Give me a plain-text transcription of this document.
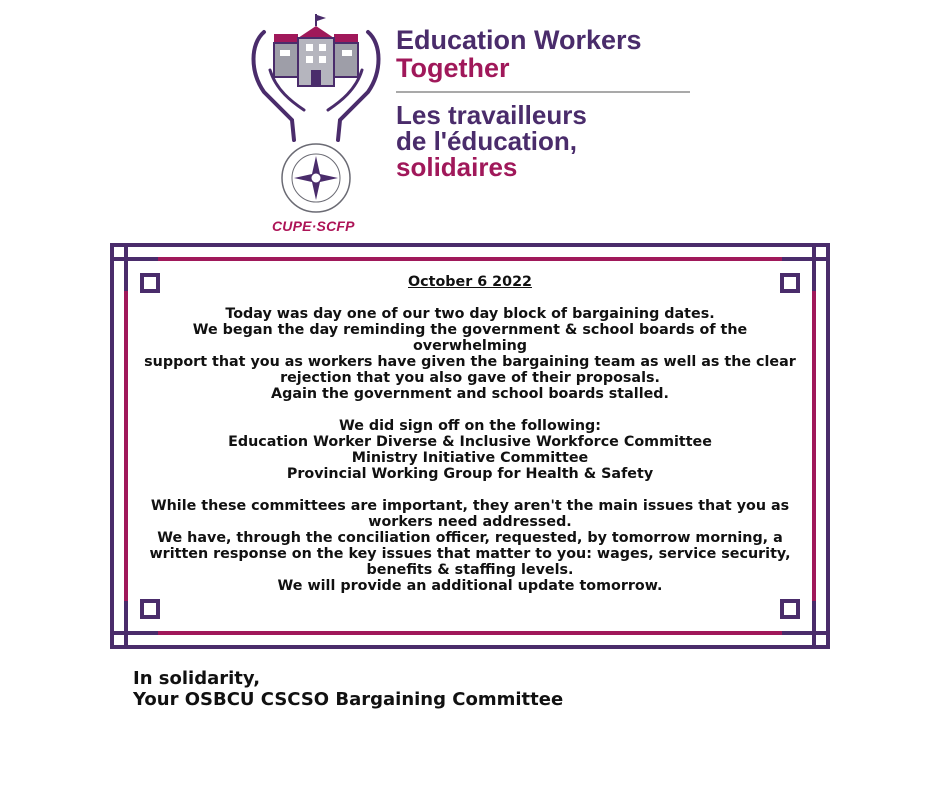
CUPE·SCFP
Education Workers
Together
Les travailleurs
de l'éducation,
solidaires

October 6 2022

Today was day one of our two day block of bargaining dates.

We began the day reminding the government & school boards of the overwhelming

support that you as workers have given the bargaining team as well as the clear

rejection that you also gave of their proposals.

Again the government and school boards stalled.

We did sign off on the following:

Education Worker Diverse & Inclusive Workforce Committee

Ministry Initiative Committee

Provincial Working Group for Health & Safety

While these committees are important, they aren't the main issues that you as

workers need addressed.

We have, through the conciliation officer, requested, by tomorrow morning, a

written response on the key issues that matter to you: wages, service security,

benefits & staffing levels.

We will provide an additional update tomorrow.

In solidarity,
Your OSBCU CSCSO Bargaining Committee
